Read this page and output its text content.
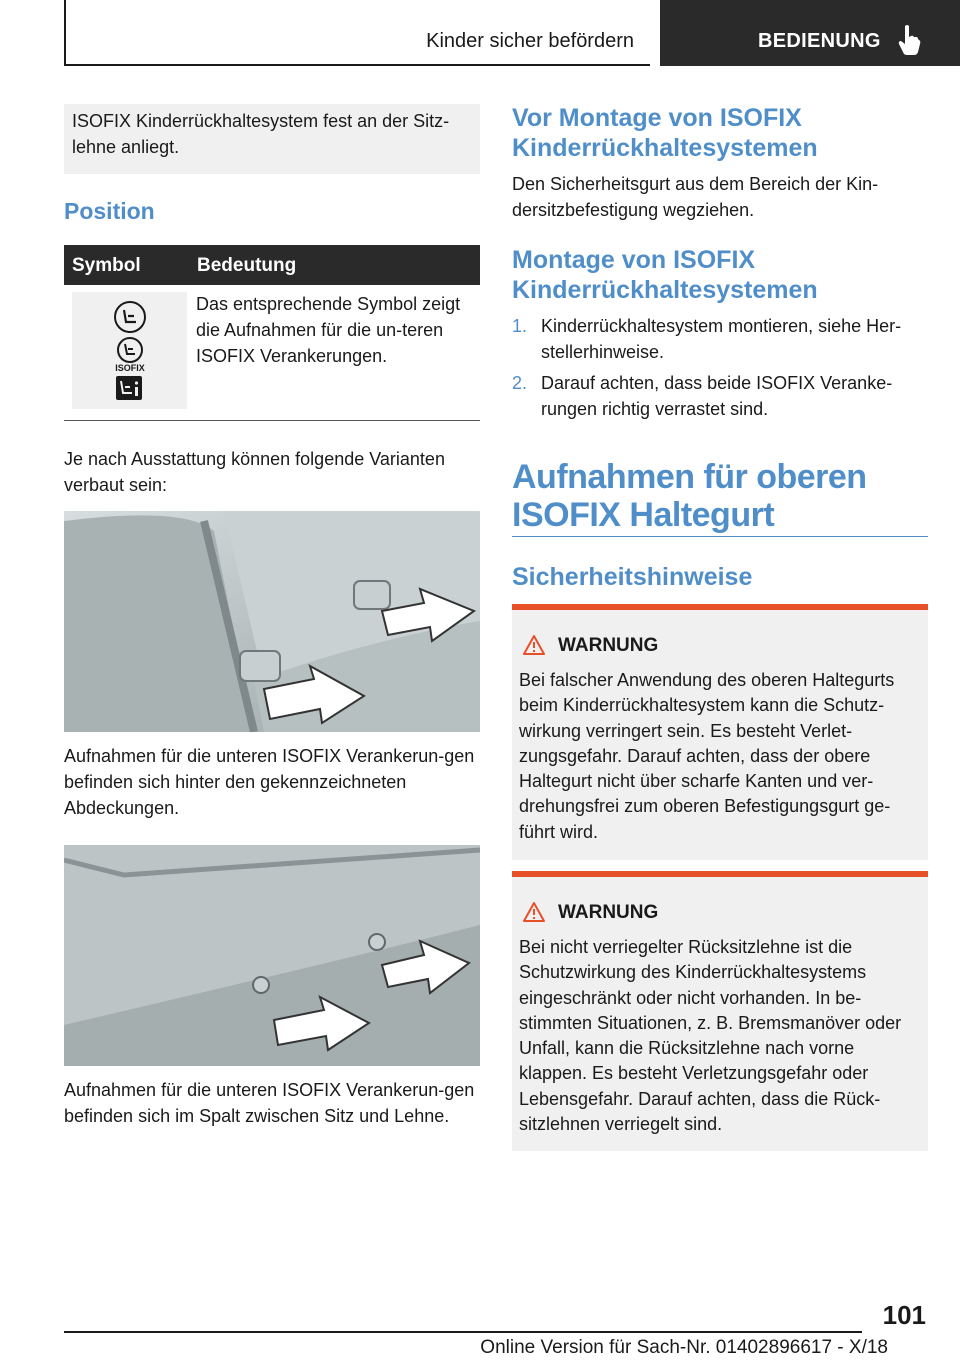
Kinder sicher befördern	BEDIENUNG

ISOFIX Kinderrückhaltesystem fest an der Sitz-lehne anliegt.

Position
Symbol	Bedeutung
ISOFIX
Das entsprechende Symbol zeigt die Aufnahmen für die un-teren ISOFIX Verankerungen.

Je nach Ausstattung können folgende Varianten verbaut sein:

Aufnahmen für die unteren ISOFIX Verankerun-gen befinden sich hinter den gekennzeichneten Abdeckungen.

Aufnahmen für die unteren ISOFIX Verankerun-gen befinden sich im Spalt zwischen Sitz und Lehne.

Vor Montage von ISOFIX Kinderrückhaltesystemen

Den Sicherheitsgurt aus dem Bereich der Kin-dersitzbefestigung wegziehen.

Montage von ISOFIX Kinderrückhaltesystemen
1. Kinderrückhaltesystem montieren, siehe Her-stellerhinweise.
2. Darauf achten, dass beide ISOFIX Veranke-rungen richtig verrastet sind.
Aufnahmen für oberen ISOFIX Haltegurt
Sicherheitshinweise
WARNUNG

Bei falscher Anwendung des oberen Haltegurts beim Kinderrückhaltesystem kann die Schutz-wirkung verringert sein. Es besteht Verlet-zungsgefahr. Darauf achten, dass der obere Haltegurt nicht über scharfe Kanten und ver-drehungsfrei zum oberen Befestigungsgurt ge-führt wird.

WARNUNG

Bei nicht verriegelter Rücksitzlehne ist die Schutzwirkung des Kinderrückhaltesystems eingeschränkt oder nicht vorhanden. In be-stimmten Situationen, z. B. Bremsmanöver oder Unfall, kann die Rücksitzlehne nach vorne klappen. Es besteht Verletzungsgefahr oder Lebensgefahr. Darauf achten, dass die Rück-sitzlehnen verriegelt sind.

101
Online Version für Sach-Nr. 01402896617 - X/18
